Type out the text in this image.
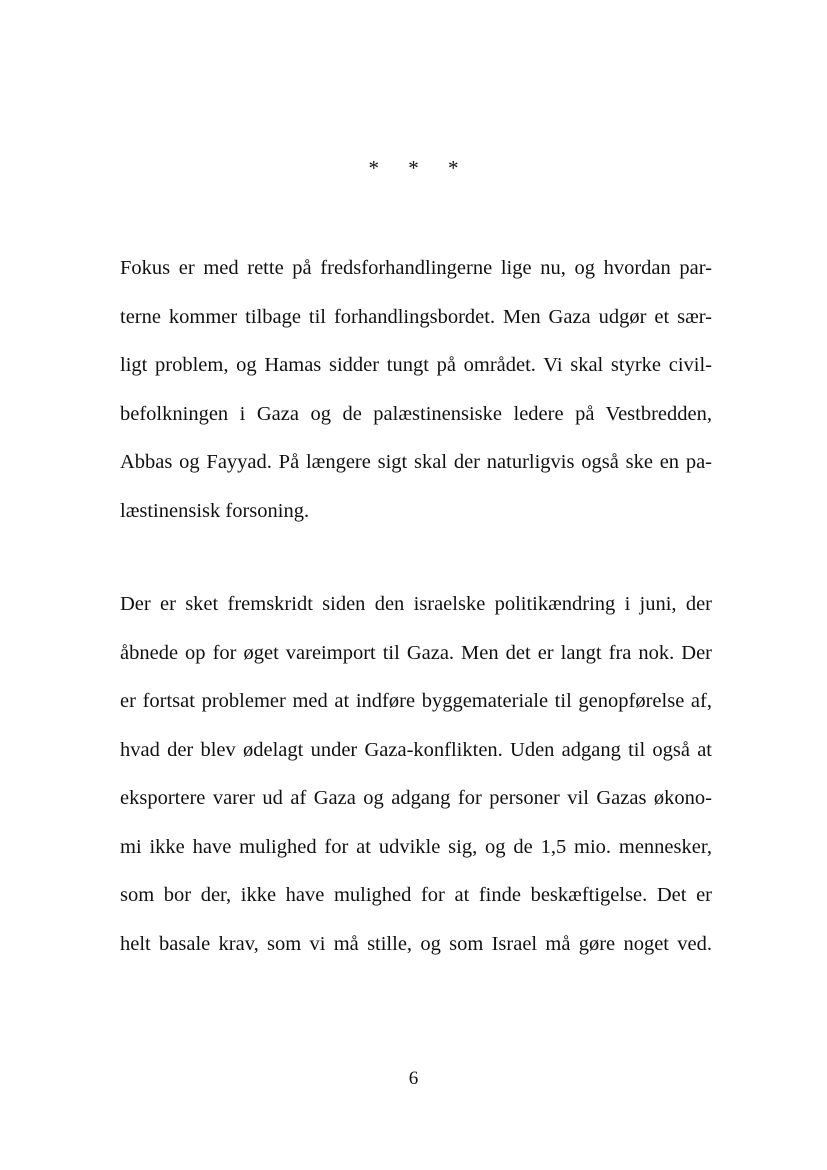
* * *
Fokus er med rette på fredsforhandlingerne lige nu, og hvordan par-
terne kommer tilbage til forhandlingsbordet. Men Gaza udgør et sær-
ligt problem, og Hamas sidder tungt på området. Vi skal styrke civil-
befolkningen i Gaza og de palæstinensiske ledere på Vestbredden,
Abbas og Fayyad. På længere sigt skal der naturligvis også ske en pa-
læstinensisk forsoning.
Der er sket fremskridt siden den israelske politikændring i juni, der
åbnede op for øget vareimport til Gaza. Men det er langt fra nok. Der
er fortsat problemer med at indføre byggemateriale til genopførelse af,
hvad der blev ødelagt under Gaza-konflikten. Uden adgang til også at
eksportere varer ud af Gaza og adgang for personer vil Gazas økono-
mi ikke have mulighed for at udvikle sig, og de 1,5 mio. mennesker,
som bor der, ikke have mulighed for at finde beskæftigelse. Det er
helt basale krav, som vi må stille, og som Israel må gøre noget ved.
6
